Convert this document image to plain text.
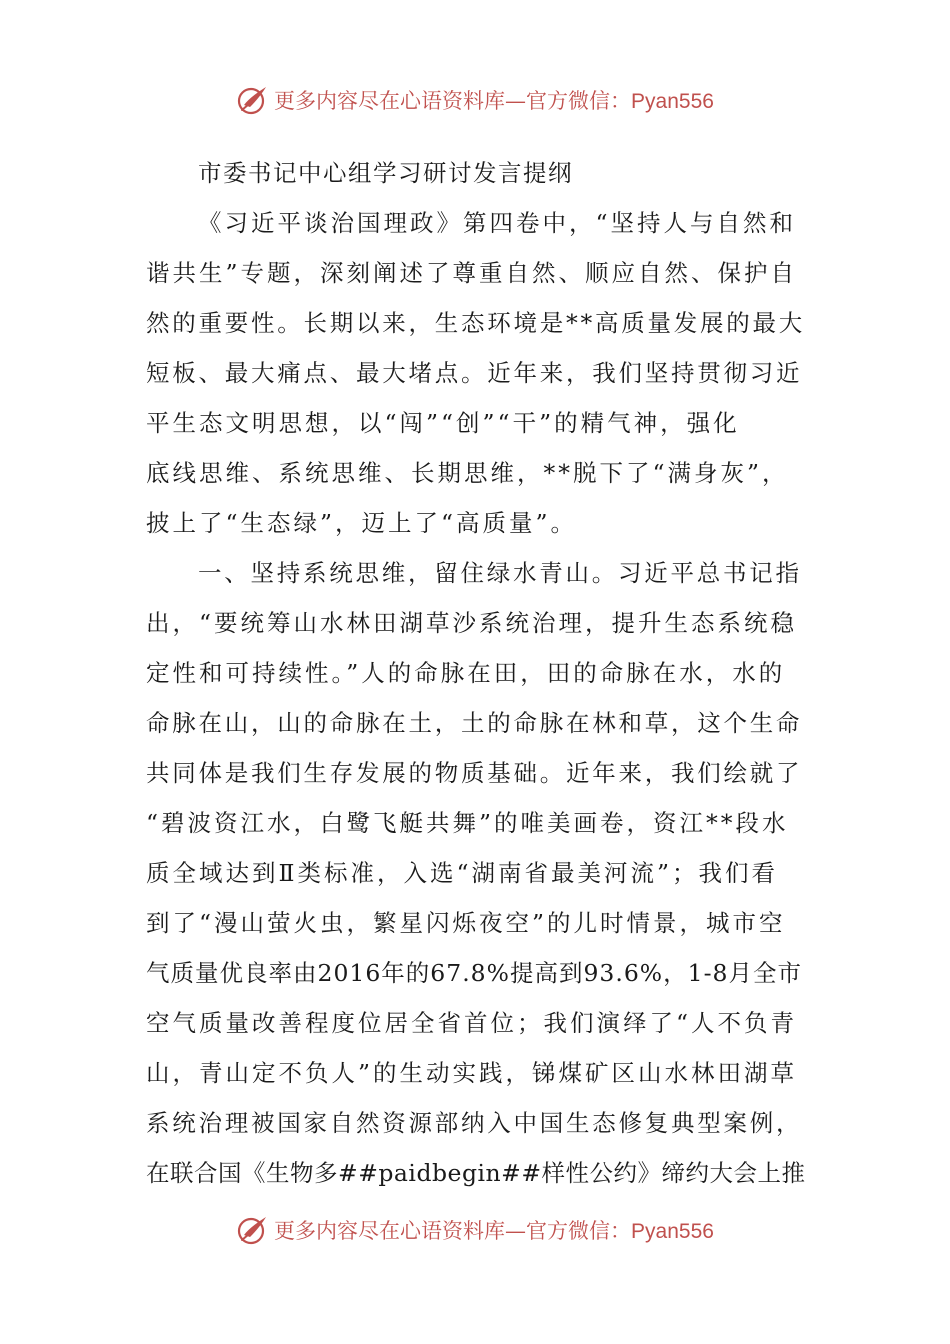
更多内容尽在心语资料库—官方微信：Pyan556
市委书记中心组学习研讨发言提纲
《习近平谈治国理政》第四卷中，“坚持人与自然和
谐共生”专题，深刻阐述了尊重自然、顺应自然、保护自
然的重要性。长期以来，生态环境是**高质量发展的最大
短板、最大痛点、最大堵点。近年来，我们坚持贯彻习近
平生态文明思想，以“闯”“创”“干”的精气神，强化
底线思维、系统思维、长期思维，**脱下了“满身灰”，
披上了“生态绿”，迈上了“高质量”。
一、坚持系统思维，留住绿水青山。习近平总书记指
出，“要统筹山水林田湖草沙系统治理，提升生态系统稳
定性和可持续性。”人的命脉在田，田的命脉在水，水的
命脉在山，山的命脉在土，土的命脉在林和草，这个生命
共同体是我们生存发展的物质基础。近年来，我们绘就了
“碧波资江水，白鹭飞艇共舞”的唯美画卷，资江**段水
质全域达到Ⅱ类标准，入选“湖南省最美河流”；我们看
到了“漫山萤火虫，繁星闪烁夜空”的儿时情景，城市空
气质量优良率由2016年的67.8%提高到93.6%，1-8月全市
空气质量改善程度位居全省首位；我们演绎了“人不负青
山，青山定不负人”的生动实践，锑煤矿区山水林田湖草
系统治理被国家自然资源部纳入中国生态修复典型案例，
在联合国《生物多##paidbegin##样性公约》缔约大会上推
更多内容尽在心语资料库—官方微信：Pyan556
